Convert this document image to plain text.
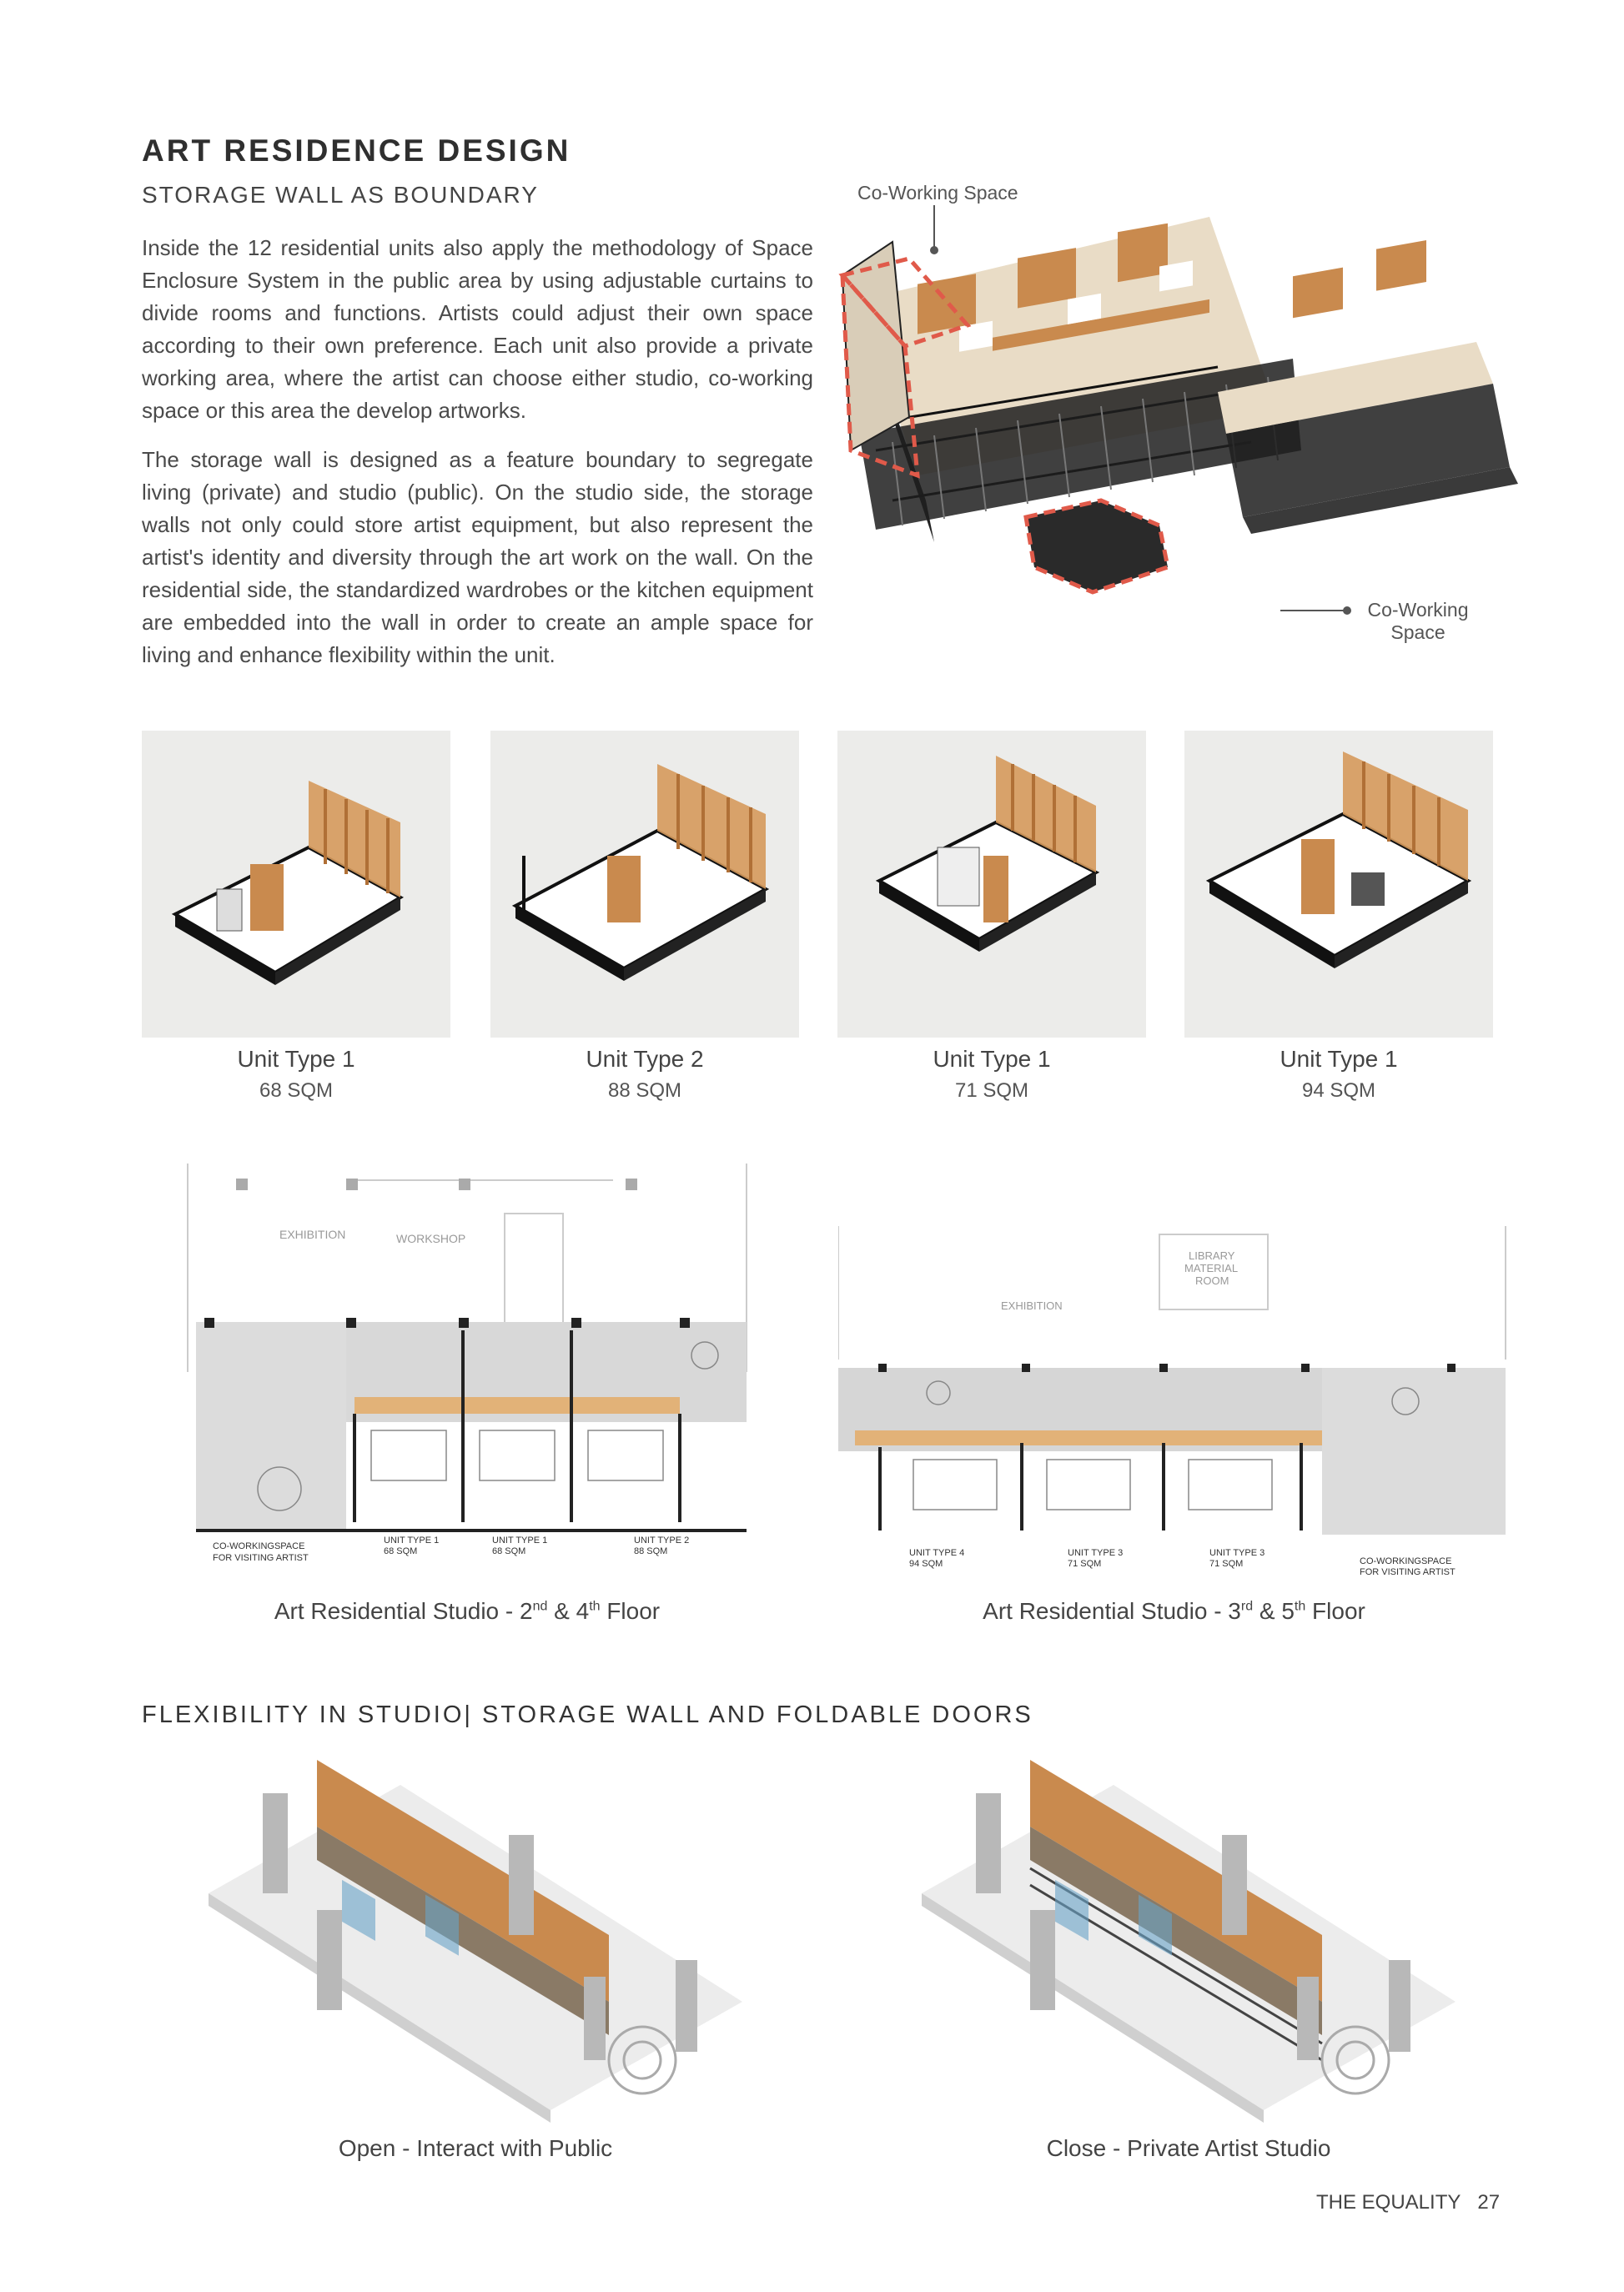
ART RESIDENCE DESIGN
STORAGE WALL AS BOUNDARY
Inside the 12 residential units also apply the methodology of Space Enclosure System in the public area by using adjustable curtains to divide rooms and functions. Artists could adjust their own space according to their own preference. Each unit also provide a private working area, where the artist can choose either studio, co-working space or this area the develop artworks.
The storage wall is designed as a feature boundary to segregate living (private) and studio (public). On the studio side, the storage walls not only could store artist equipment, but also represent the artist's identity and diversity through the art work on the wall. On the residential side, the standardized wardrobes or the kitchen equipment are embedded into the wall in order to create an ample space for living and enhance flexibility within the unit.
Co-Working Space
Co-Working
Space
Unit Type 1
68 SQM
Unit Type 2
88 SQM
Unit Type 1
71 SQM
Unit Type 1
94 SQM
EXHIBITION	WORKSHOP
CO-WORKINGSPACE
FOR VISITING ARTIST
UNIT TYPE 1
68 SQM
UNIT TYPE 1
68 SQM
UNIT TYPE 2
88 SQM
Art Residential Studio - 2nd & 4th Floor
LIBRARY
MATERIAL
ROOM
EXHIBITION
CO-WORKINGSPACE
FOR VISITING ARTIST
UNIT TYPE 4
94 SQM
UNIT TYPE 3
71 SQM
UNIT TYPE 3
71 SQM
Art Residential Studio - 3rd & 5th Floor
FLEXIBILITY IN STUDIO| STORAGE WALL AND FOLDABLE DOORS
Open - Interact with Public	Close - Private Artist Studio
THE EQUALITY 27
